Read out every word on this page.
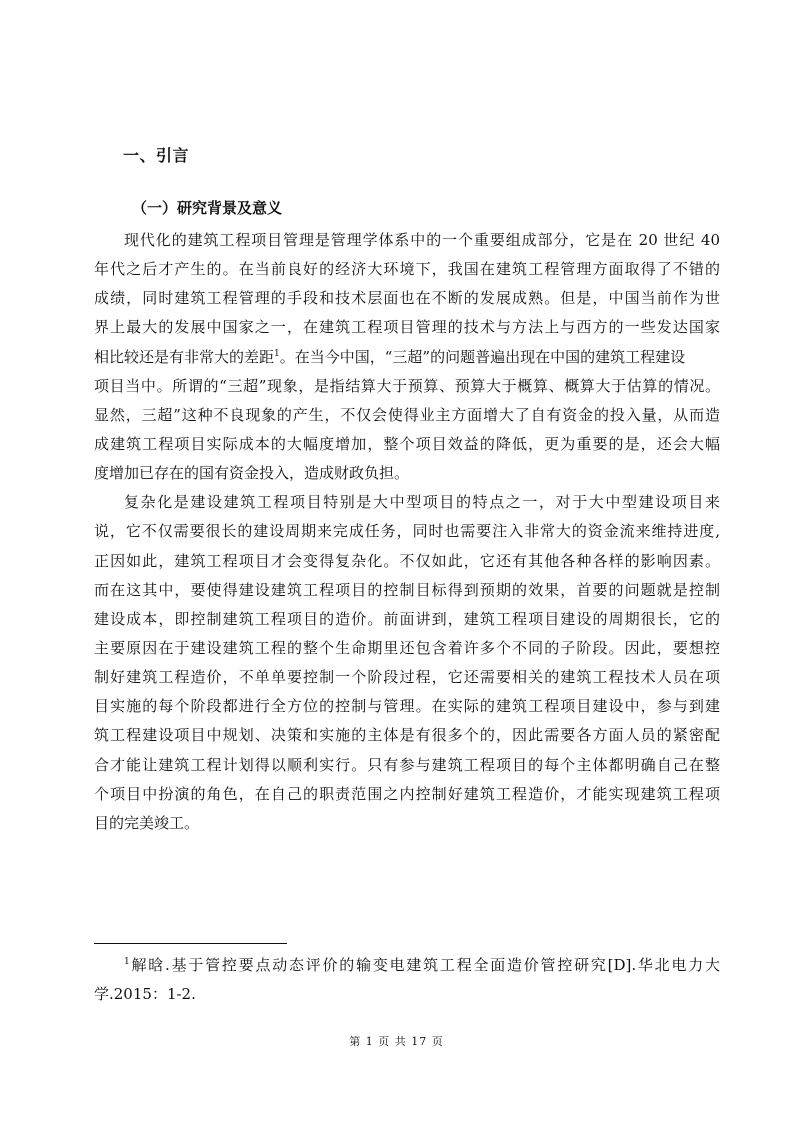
一、引言
（一）研究背景及意义
现代化的建筑工程项目管理是管理学体系中的一个重要组成部分，它是在 20 世纪 40
年代之后才产生的。在当前良好的经济大环境下，我国在建筑工程管理方面取得了不错的
成绩，同时建筑工程管理的手段和技术层面也在不断的发展成熟。但是，中国当前作为世
界上最大的发展中国家之一，在建筑工程项目管理的技术与方法上与西方的一些发达国家
相比较还是有非常大的差距$^1$。在当今中国，“三超”的问题普遍出现在中国的建筑工程建设
项目当中。所谓的“三超”现象，是指结算大于预算、预算大于概算、概算大于估算的情况。
显然，三超”这种不良现象的产生，不仅会使得业主方面增大了自有资金的投入量，从而造
成建筑工程项目实际成本的大幅度增加，整个项目效益的降低，更为重要的是，还会大幅
度增加已存在的国有资金投入，造成财政负担。
复杂化是建设建筑工程项目特别是大中型项目的特点之一，对于大中型建设项目来
说，它不仅需要很长的建设周期来完成任务，同时也需要注入非常大的资金流来维持进度,
正因如此，建筑工程项目才会变得复杂化。不仅如此，它还有其他各种各样的影响因素。
而在这其中，要使得建设建筑工程项目的控制目标得到预期的效果，首要的问题就是控制
建设成本，即控制建筑工程项目的造价。前面讲到，建筑工程项目建设的周期很长，它的
主要原因在于建设建筑工程的整个生命期里还包含着许多个不同的子阶段。因此，要想控
制好建筑工程造价，不单单要控制一个阶段过程，它还需要相关的建筑工程技术人员在项
目实施的每个阶段都进行全方位的控制与管理。在实际的建筑工程项目建设中，参与到建
筑工程建设项目中规划、决策和实施的主体是有很多个的，因此需要各方面人员的紧密配
合才能让建筑工程计划得以顺利实行。只有参与建筑工程项目的每个主体都明确自己在整
个项目中扮演的角色，在自己的职责范围之内控制好建筑工程造价，才能实现建筑工程项
目的完美竣工。
$^1$解晗.基于管控要点动态评价的输变电建筑工程全面造价管控研究[D].华北电力大
学.2015：1-2.
第 1 页 共 17 页
